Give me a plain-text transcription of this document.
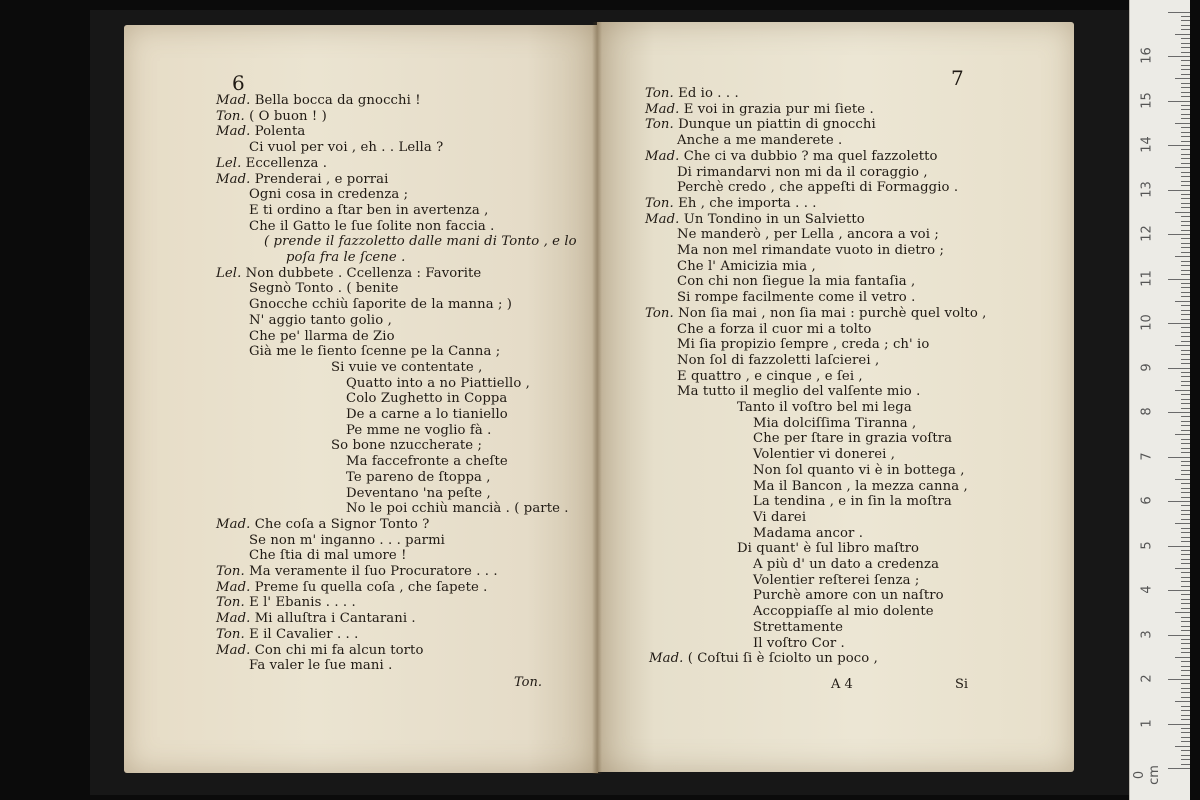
6
Mad. Bella bocca da gnocchi !
Ton. ( O buon ! )
Mad. Polenta
Ci vuol per voi , eh . . Lella ?
Lel. Eccellenza .
Mad. Prenderai , e porrai
Ogni cosa in credenza ;
E ti ordino a ſtar ben in avertenza ,
Che il Gatto le ſue ſolite non faccia .
( prende il fazzoletto dalle mani di Tonto , e lo
poſa fra le ſcene .
Lel. Non dubbete . Ccellenza : Favorite
Segnò Tonto . ( benite
Gnocche cchiù ſaporite de la manna ; )
N' aggio tanto golio ,
Che pe' llarma de Zio
Già me le ſiento ſcenne pe la Canna ;
Si vuie ve contentate ,
Quatto into a no Piattiello ,
Colo Zughetto in Coppa
De a carne a lo tianiello
Pe mme ne voglio fà .
So bone nzuccherate ;
Ma faccefronte a cheſte
Te pareno de ſtoppa ,
Deventano 'na peſte ,
No le poi cchiù mancià . ( parte .
Mad. Che coſa a Signor Tonto ?
Se non m' inganno . . . parmi
Che ſtia di mal umore !
Ton. Ma veramente il ſuo Procuratore . . .
Mad. Preme ſu quella coſa , che ſapete .
Ton. E l' Ebanis . . . .
Mad. Mi alluſtra i Cantarani .
Ton. E il Cavalier . . .
Mad. Con chi mi fa alcun torto
Fa valer le ſue mani .
Ton.
7
Ton. Ed io . . .
Mad. E voi in grazia pur mi ſiete .
Ton. Dunque un piattin di gnocchi
Anche a me manderete .
Mad. Che ci va dubbio ? ma quel fazzoletto
Di rimandarvi non mi da il coraggio ,
Perchè credo , che appeſti di Formaggio .
Ton. Eh , che importa . . .
Mad. Un Tondino in un Salvietto
Ne manderò , per Lella , ancora a voi ;
Ma non mel rimandate vuoto in dietro ;
Che l' Amicizia mia ,
Con chi non ſiegue la mia fantaſia ,
Si rompe facilmente come il vetro .
Ton. Non ſia mai , non ſia mai : purchè quel volto ,
Che a forza il cuor mi a tolto
Mi ſia propizio ſempre , creda ; ch' io
Non ſol di fazzoletti laſcierei ,
E quattro , e cinque , e ſei ,
Ma tutto il meglio del valſente mio .
Tanto il voſtro bel mi lega
Mia dolciſſima Tiranna ,
Che per ſtare in grazia voſtra
Volentier vi donerei ,
Non ſol quanto vi è in bottega ,
Ma il Bancon , la mezza canna ,
La tendina , e in ſin la moſtra
Vi darei
Madama ancor .
Di quant' è ſul libro maſtro
A più d' un dato a credenza
Volentier reſterei ſenza ;
Purchè amore con un naſtro
Accoppiaſſe al mio dolente
Strettamente
Il voſtro Cor .
Mad. ( Coſtui ſi è ſciolto un poco ,
A 4	Si
0 cm
1
2
3
4
5
6
7
8
9
10
11
12
13
14
15
16
